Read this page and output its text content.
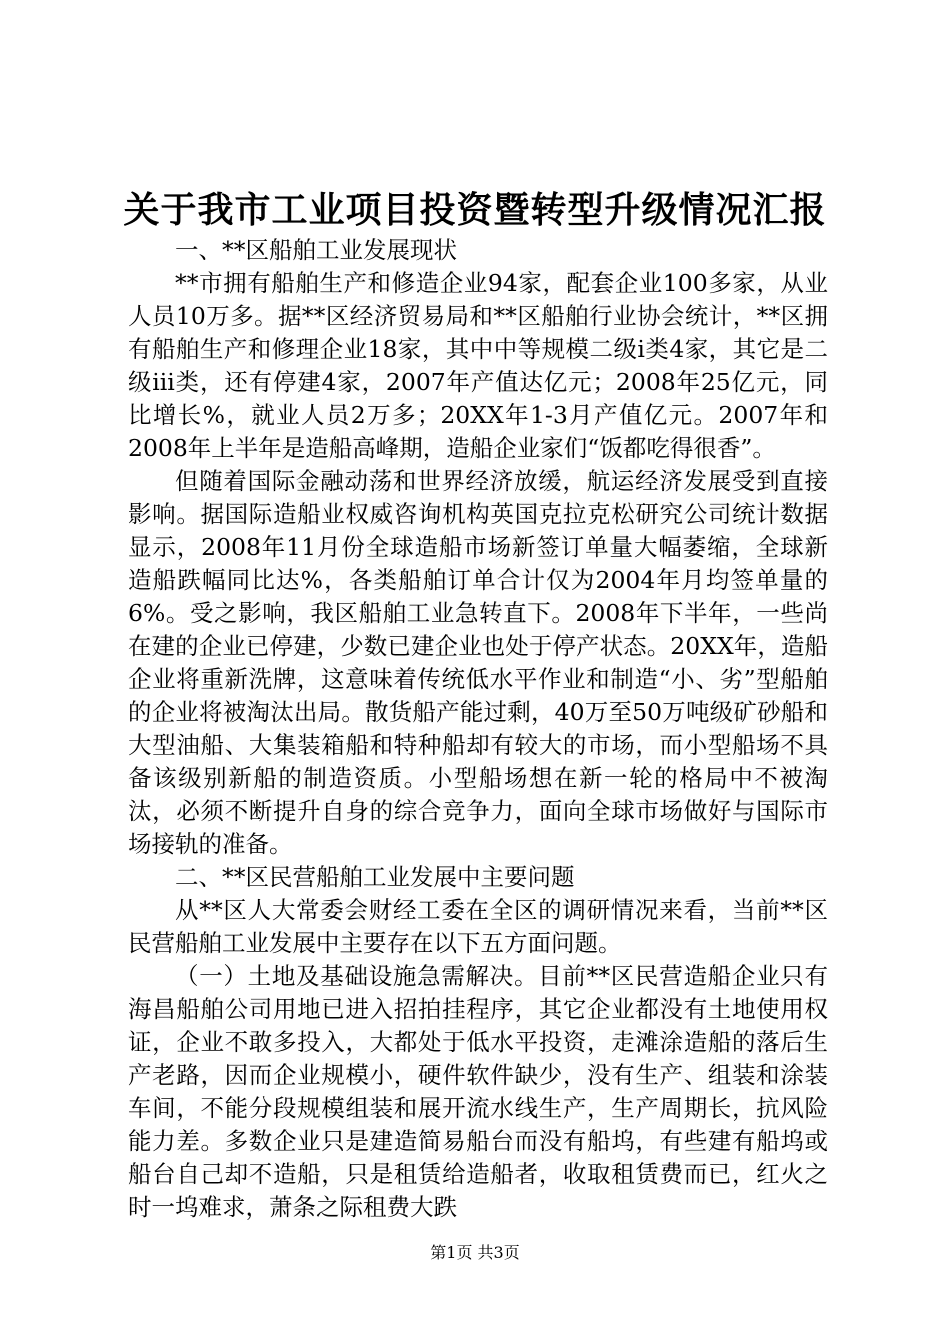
关于我市工业项目投资暨转型升级情况汇报

一、**区船舶工业发展现状

**市拥有船舶生产和修造企业94家，配套企业100多家，从业人员10万多。据**区经济贸易局和**区船舶行业协会统计，**区拥有船舶生产和修理企业18家，其中中等规模二级ⅰ类4家，其它是二级ⅲ类，还有停建4家，2007年产值达亿元；2008年25亿元，同比增长%，就业人员2万多；20XX年1-3月产值亿元。2007年和2008年上半年是造船高峰期，造船企业家们“饭都吃得很香”。

但随着国际金融动荡和世界经济放缓，航运经济发展受到直接影响。据国际造船业权威咨询机构英国克拉克松研究公司统计数据显示，2008年11月份全球造船市场新签订单量大幅萎缩，全球新造船跌幅同比达%，各类船舶订单合计仅为2004年月均签单量的6%。受之影响，我区船舶工业急转直下。2008年下半年，一些尚在建的企业已停建，少数已建企业也处于停产状态。20XX年，造船企业将重新洗牌，这意味着传统低水平作业和制造“小、劣”型船舶的企业将被淘汰出局。散货船产能过剩，40万至50万吨级矿砂船和大型油船、大集装箱船和特种船却有较大的市场，而小型船场不具备该级别新船的制造资质。小型船场想在新一轮的格局中不被淘汰，必须不断提升自身的综合竞争力，面向全球市场做好与国际市场接轨的准备。

二、**区民营船舶工业发展中主要问题

从**区人大常委会财经工委在全区的调研情况来看，当前**区民营船舶工业发展中主要存在以下五方面问题。

（一）土地及基础设施急需解决。目前**区民营造船企业只有海昌船舶公司用地已进入招拍挂程序，其它企业都没有土地使用权证，企业不敢多投入，大都处于低水平投资，走滩涂造船的落后生产老路，因而企业规模小，硬件软件缺少，没有生产、组装和涂装车间，不能分段规模组装和展开流水线生产，生产周期长，抗风险能力差。多数企业只是建造简易船台而没有船坞，有些建有船坞或船台自己却不造船，只是租赁给造船者，收取租赁费而已，红火之时一坞难求，萧条之际租费大跌

第1页 共3页
